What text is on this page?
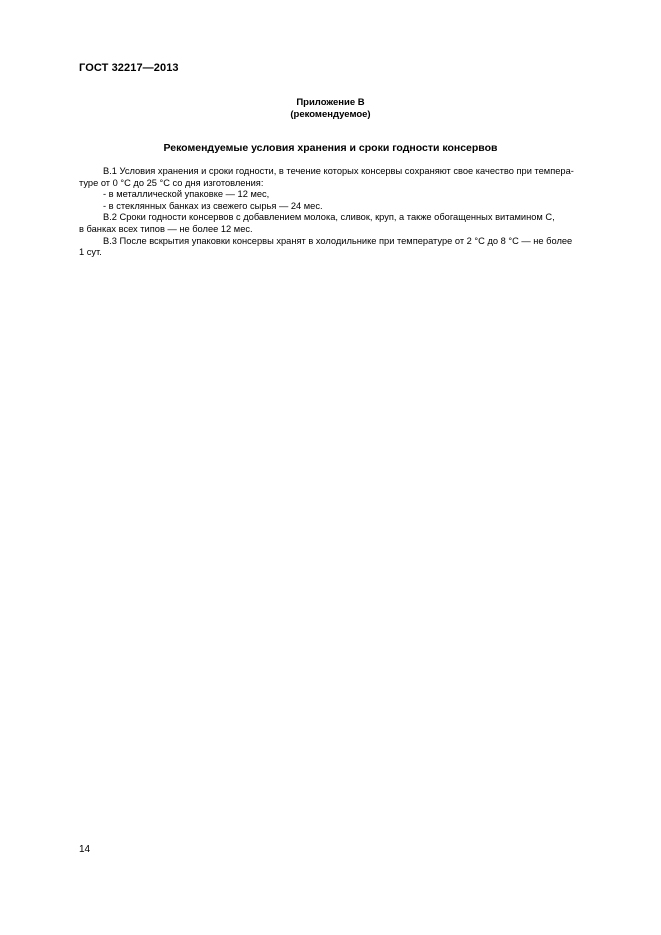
ГОСТ 32217—2013
Приложение В
(рекомендуемое)
Рекомендуемые условия хранения и сроки годности консервов

В.1 Условия хранения и сроки годности, в течение которых консервы сохраняют свое качество при темпера-

туре от 0 °С до 25 °С со дня изготовления:

- в металлической упаковке — 12 мес,

- в стеклянных банках из свежего сырья — 24 мес.

В.2 Сроки годности консервов с добавлением молока, сливок, круп, а также обогащенных витамином С,

в банках всех типов — не более 12 мес.

В.3 После вскрытия упаковки консервы хранят в холодильнике при температуре от 2 °С до 8 °С — не более

1 сут.

14
